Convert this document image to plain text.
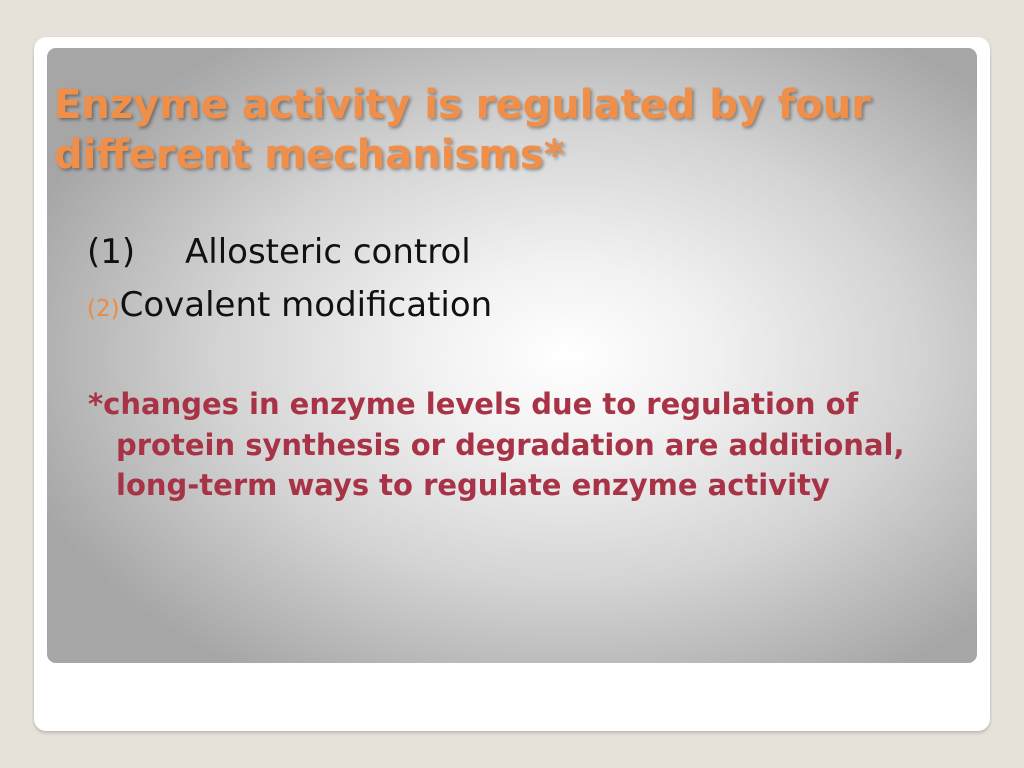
Enzyme activity is regulated by four different mechanisms*
(1) Allosteric control
(2)Covalent modification

*changes in enzyme levels due to regulation of protein synthesis or degradation are additional, long-term ways to regulate enzyme activity
